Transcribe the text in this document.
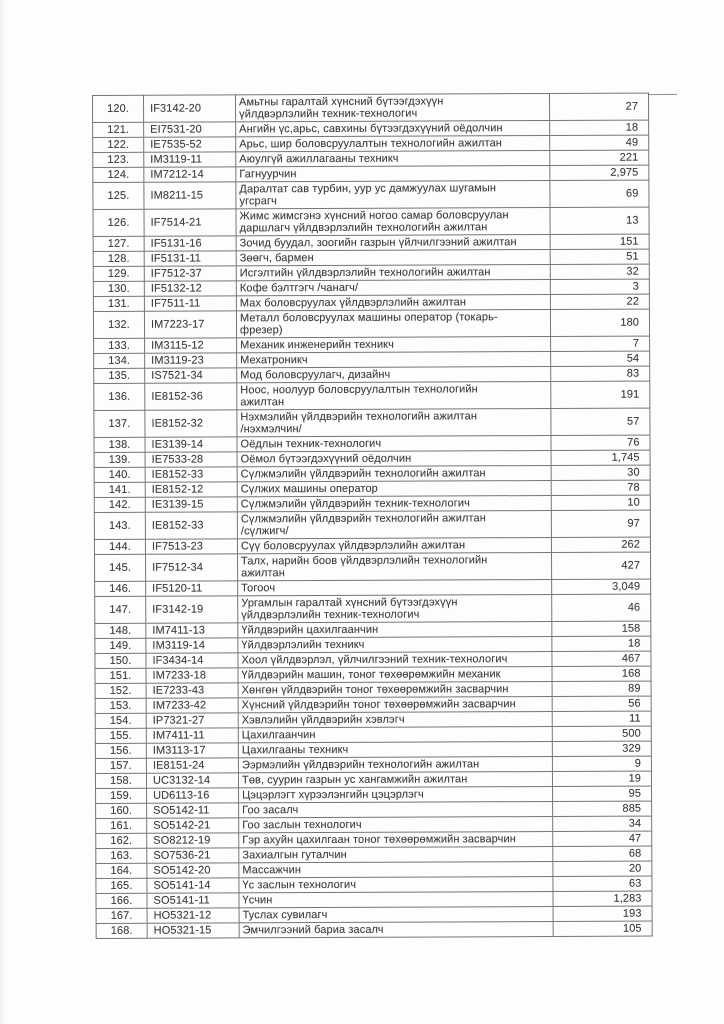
120.	IF3142-20	Амьтны гаралтай хүнсний бүтээгдэхүүн
үйлдвэрлэлийн техник-технологич	27
121.	EI7531-20	Ангийн үс,арьс, савхины бүтээгдэхүүний оёдолчин	18
122.	IE7535-52	Арьс, шир боловсруулалтын технологийн ажилтан	49
123.	IM3119-11	Аюулгүй ажиллагааны техникч	221
124.	IM7212-14	Гагнуурчин	2,975
125.	IM8211-15	Даралтат сав турбин, уур ус дамжуулах шугамын
угсрагч	69
126.	IF7514-21	Жимс жимсгэнэ хүнсний ногоо самар боловсруулан
даршлагч үйлдвэрлэлийн технологийн ажилтан	13
127.	IF5131-16	Зочид буудал, зоогийн газрын үйлчилгээний ажилтан	151
128.	IF5131-11	Зөөгч, бармен	51
129.	IF7512-37	Исгэлтийн үйлдвэрлэлийн технологийн ажилтан	32
130.	IF5132-12	Кофе бэлтгэгч /чанагч/	3
131.	IF7511-11	Мах боловсруулах үйлдвэрлэлийн ажилтан	22
132.	IM7223-17	Металл боловсруулах машины оператор (токарь-
фрезер)	180
133.	IM3115-12	Механик инженерийн техникч	7
134.	IM3119-23	Мехатроникч	54
135.	IS7521-34	Мод боловсруулагч, дизайнч	83
136.	IE8152-36	Ноос, ноолуур боловсруулалтын технологийн
ажилтан	191
137.	IE8152-32	Нэхмэлийн үйлдвэрийн технологийн ажилтан
/нэхмэлчин/	57
138.	IE3139-14	Оёдлын техник-технологич	76
139.	IE7533-28	Оёмол бүтээгдэхүүний оёдолчин	1,745
140.	IE8152-33	Сүлжмэлийн үйлдвэрийн технологийн ажилтан	30
141.	IE8152-12	Сүлжих машины оператор	78
142.	IE3139-15	Сүлжмэлийн үйлдвэрийн техник-технологич	10
143.	IE8152-33	Сүлжмэлийн үйлдвэрийн технологийн ажилтан
/сүлжигч/	97
144.	IF7513-23	Сүү боловсруулах үйлдвэрлэлийн ажилтан	262
145.	IF7512-34	Талх, нарийн боов үйлдвэрлэлийн технологийн
ажилтан	427
146.	IF5120-11	Тогооч	3,049
147.	IF3142-19	Ургамлын гаралтай хүнсний бүтээгдэхүүн
үйлдвэрлэлийн техник-технологич	46
148.	IM7411-13	Үйлдвэрийн цахилгаанчин	158
149.	IM3119-14	Үйлдвэрлэлийн техникч	18
150.	IF3434-14	Хоол үйлдвэрлэл, үйлчилгээний техник-технологич	467
151.	IM7233-18	Үйлдвэрийн машин, тоног төхөөрөмжийн механик	168
152.	IE7233-43	Хөнгөн үйлдвэрийн тоног төхөөрөмжийн засварчин	89
153.	IM7233-42	Хүнсний үйлдвэрийн тоног төхөөрөмжийн засварчин	56
154.	IP7321-27	Хэвлэлийн үйлдвэрийн хэвлэгч	11
155.	IM7411-11	Цахилгаанчин	500
156.	IM3113-17	Цахилгааны техникч	329
157.	IE8151-24	Ээрмэлийн үйлдвэрийн технологийн ажилтан	9
158.	UC3132-14	Төв, суурин газрын ус хангамжийн ажилтан	19
159.	UD6113-16	Цэцэрлэгт хүрээлэнгийн цэцэрлэгч	95
160.	SO5142-11	Гоо засалч	885
161.	SO5142-21	Гоо заслын технологич	34
162.	SO8212-19	Гэр ахуйн цахилгаан тоног төхөөрөмжийн засварчин	47
163.	SO7536-21	Захиалгын гуталчин	68
164.	SO5142-20	Массажчин	20
165.	SO5141-14	Үс заслын технологич	63
166.	SO5141-11	Үсчин	1,283
167.	HO5321-12	Туслах сувилагч	193
168.	HO5321-15	Эмчилгээний бариа засалч	105
